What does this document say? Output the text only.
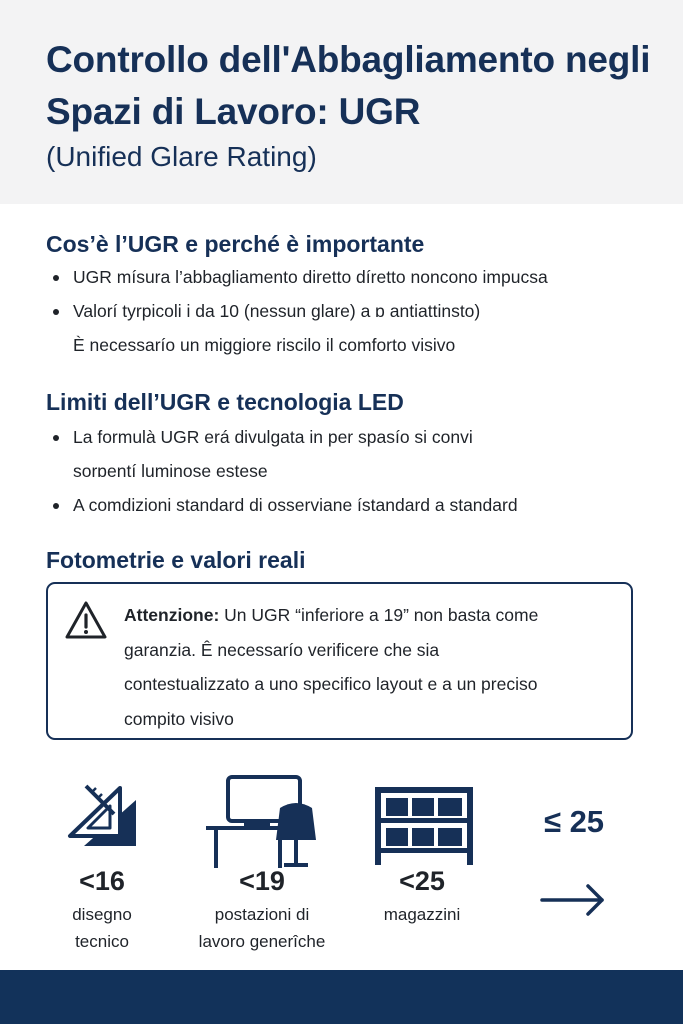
Controllo dell'Abbagliamento negli Spazi di Lavoro: UGR
(Unified Glare Rating)
Cos’è l’UGR e perché è importante
UGR mísura l’abbagliamento diretto díretto noncono impucsa
Valorí tyrpicoli i da 10 (nessun glare) a ɒ antiattinsto)
È necessarío un miggiore riscilo il comforto visivo
Limiti dell’UGR e tecnologia LED
La formulà UGR erá divulgata in per spasío si convi
sorɒentí luminose estese
A comdizioni standard di osserviane ístandard a standard
Fotometrie e valori reali
Attenzione: Un UGR “inferiore a 19” non basta come
garanzia. Ê necessarío verificere che sia
contestualizzato a uno specifico layout e a un preciso
compito visivo
<16
disegno
tecnico
<19
postazioni di
lavoro generîche
<25
magazzini
≤ 25
